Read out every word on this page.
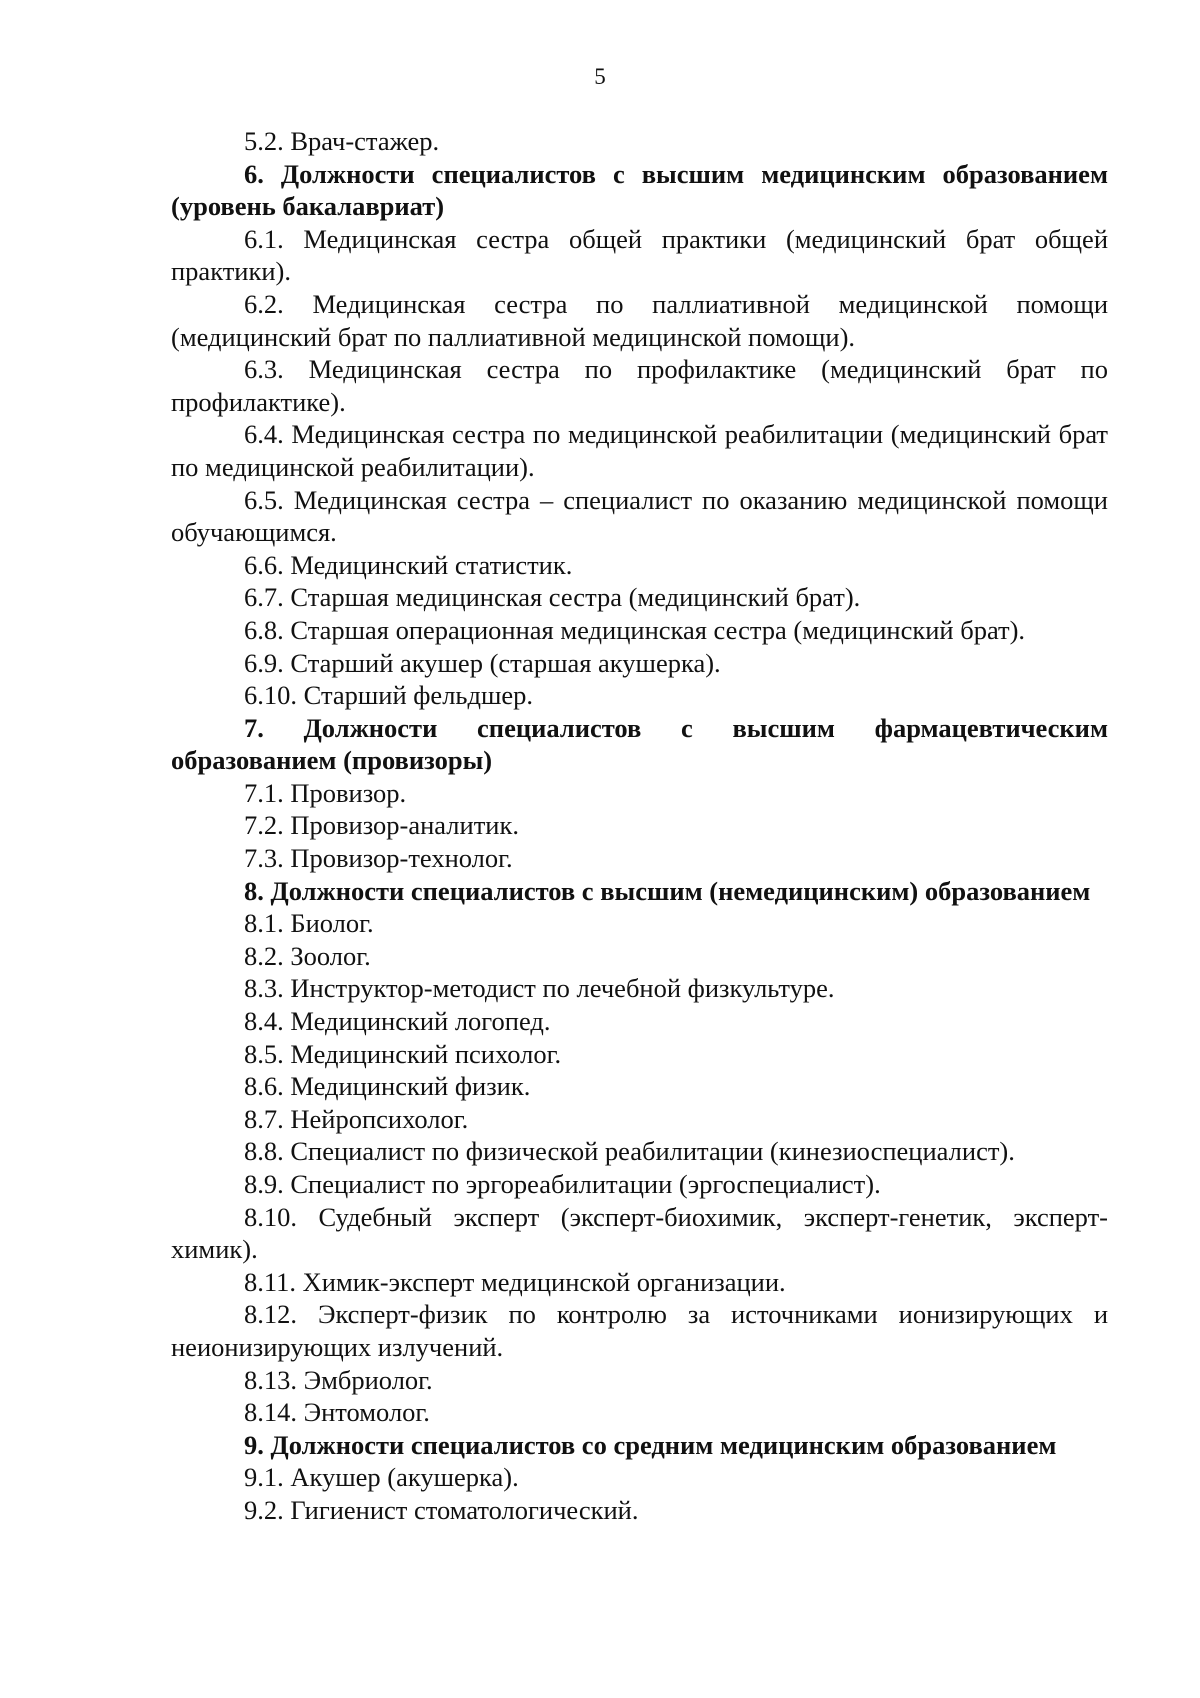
5

5.2. Врач-стажер.

6. Должности специалистов с высшим медицинским образованием (уровень бакалавриат)

6.1. Медицинская сестра общей практики (медицинский брат общей практики).

6.2. Медицинская сестра по паллиативной медицинской помощи (медицинский брат по паллиативной медицинской помощи).

6.3. Медицинская сестра по профилактике (медицинский брат по профилактике).

6.4. Медицинская сестра по медицинской реабилитации (медицинский брат по медицинской реабилитации).

6.5. Медицинская сестра – специалист по оказанию медицинской помощи обучающимся.

6.6. Медицинский статистик.

6.7. Старшая медицинская сестра (медицинский брат).

6.8. Старшая операционная медицинская сестра (медицинский брат).

6.9. Старший акушер (старшая акушерка).

6.10. Старший фельдшер.

7. Должности специалистов с высшим фармацевтическим образованием (провизоры)

7.1. Провизор.

7.2. Провизор-аналитик.

7.3. Провизор-технолог.

8. Должности специалистов с высшим (немедицинским) образованием

8.1. Биолог.

8.2. Зоолог.

8.3. Инструктор-методист по лечебной физкультуре.

8.4. Медицинский логопед.

8.5. Медицинский психолог.

8.6. Медицинский физик.

8.7. Нейропсихолог.

8.8. Специалист по физической реабилитации (кинезиоспециалист).

8.9. Специалист по эргореабилитации (эргоспециалист).

8.10. Судебный эксперт (эксперт-биохимик, эксперт-генетик, эксперт-химик).

8.11. Химик-эксперт медицинской организации.

8.12. Эксперт-физик по контролю за источниками ионизирующих и неионизирующих излучений.

8.13. Эмбриолог.

8.14. Энтомолог.

9. Должности специалистов со средним медицинским образованием

9.1. Акушер (акушерка).

9.2. Гигиенист стоматологический.
